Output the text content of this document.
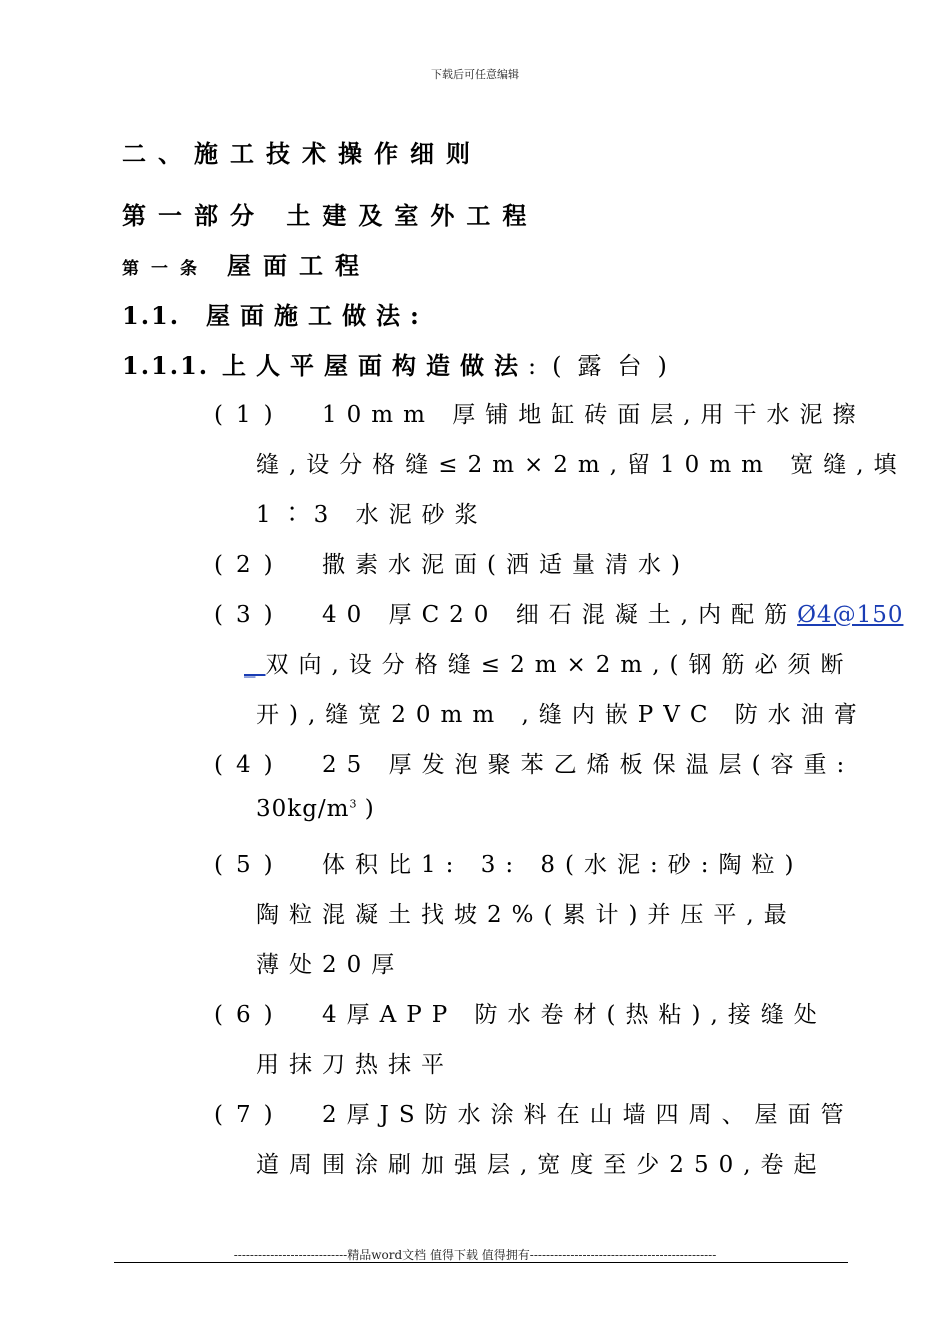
下载后可任意编辑
二、施工技术操作细则
第一部分 土建及室外工程
第一条 屋面工程
1.1. 屋面施工做法:
1.1.1. 上人平屋面构造做法:(露台)
(1) 10mm 厚铺地缸砖面层,用干水泥擦
缝,设分格缝≤2m×2m,留10mm 宽缝,填
1∶3 水泥砂浆
(2) 撒素水泥面(洒适量清水)
(3) 40 厚C20 细石混凝土,内配筋Ø4@150
_双向,设分格缝≤2m×2m,(钢筋必须断
开),缝宽20mm ,缝内嵌PVC 防水油膏
(4) 25 厚发泡聚苯乙烯板保温层(容重:
$30kg/m^3$ )
(5) 体积比1: 3: 8(水泥:砂:陶粒)
陶粒混凝土找坡2%(累计)并压平,最
薄处20厚
(6) 4厚APP 防水卷材(热粘),接缝处
用抹刀热抹平
(7) 2厚JS防水涂料在山墙四周、屋面管
道周围涂刷加强层,宽度至少250,卷起
----------------------------精品word文档 值得下载 值得拥有----------------------------------------------
